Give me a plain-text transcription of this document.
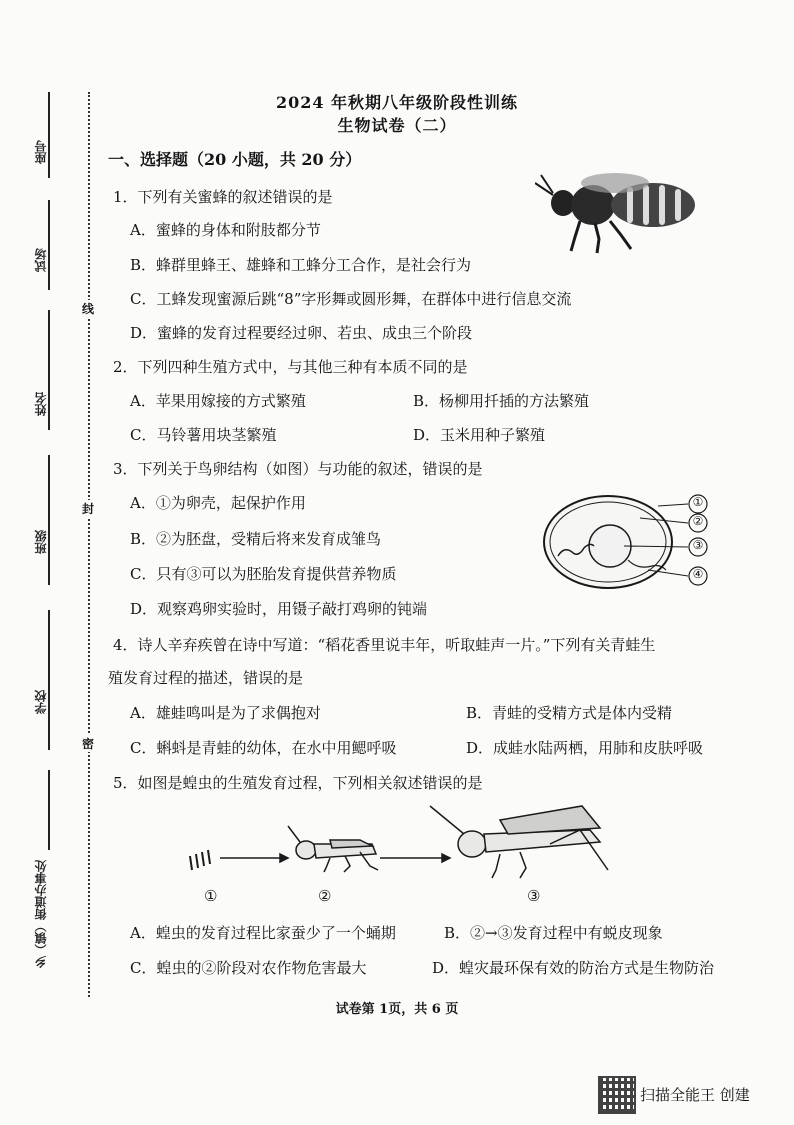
座号
试场
姓名
班级
学校
乡（镇）街道办事处
线
封
密
2024 年秋期八年级阶段性训练
生物试卷（二）
一、选择题（20 小题，共 20 分）
1．下列有关蜜蜂的叙述错误的是
A．蜜蜂的身体和附肢都分节
B．蜂群里蜂王、雄蜂和工蜂分工合作，是社会行为
C．工蜂发现蜜源后跳“8”字形舞或圆形舞，在群体中进行信息交流
D．蜜蜂的发育过程要经过卵、若虫、成虫三个阶段
2．下列四种生殖方式中，与其他三种有本质不同的是
A．苹果用嫁接的方式繁殖	B．杨柳用扦插的方法繁殖
C．马铃薯用块茎繁殖	D．玉米用种子繁殖
3．下列关于鸟卵结构（如图）与功能的叙述，错误的是
A．①为卵壳，起保护作用
B．②为胚盘，受精后将来发育成雏鸟
C．只有③可以为胚胎发育提供营养物质
D．观察鸡卵实验时，用镊子敲打鸡卵的钝端
①
②
③
④
4．诗人辛弃疾曾在诗中写道：“稻花香里说丰年，听取蛙声一片。”下列有关青蛙生
殖发育过程的描述，错误的是
A．雄蛙鸣叫是为了求偶抱对	B．青蛙的受精方式是体内受精
C．蝌蚪是青蛙的幼体，在水中用鳃呼吸	D．成蛙水陆两栖，用肺和皮肤呼吸
5．如图是蝗虫的生殖发育过程，下列相关叙述错误的是
①	②	③
A．蝗虫的发育过程比家蚕少了一个蛹期	B．②→③发育过程中有蜕皮现象
C．蝗虫的②阶段对农作物危害最大	D．蝗灾最环保有效的防治方式是生物防治
试卷第 1页，共 6 页
扫描全能王 创建
